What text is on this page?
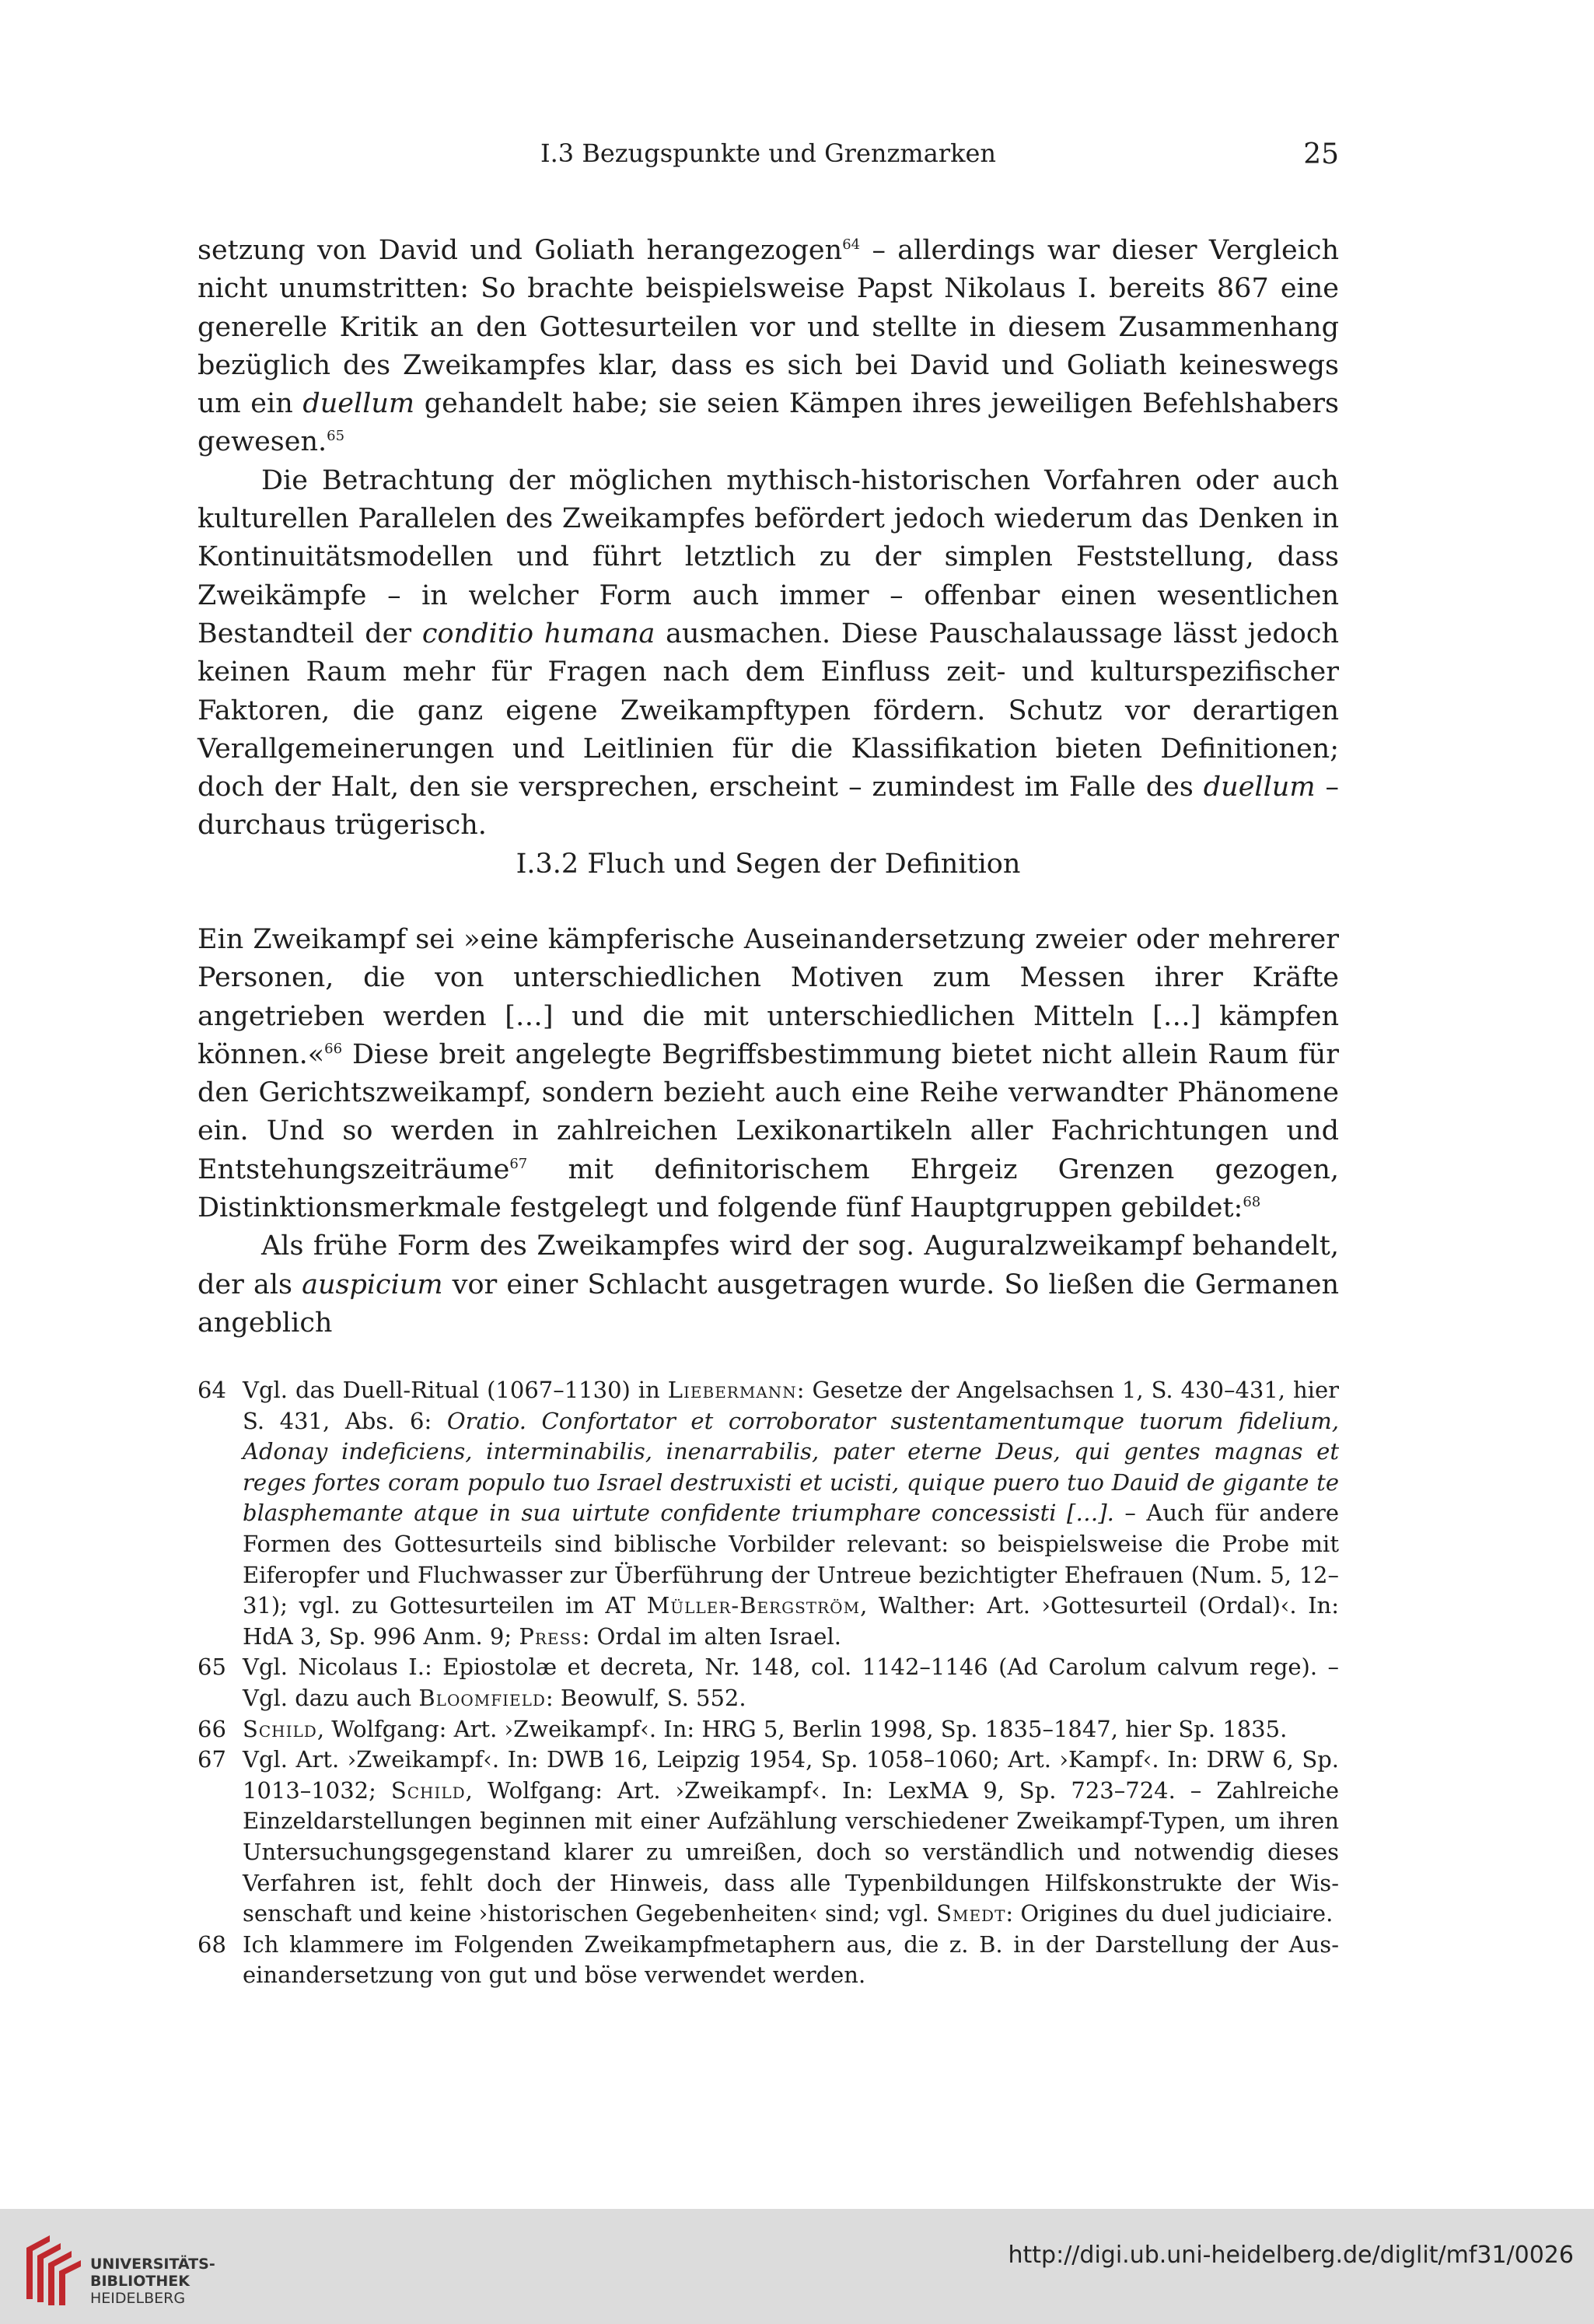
I.3 Bezugspunkte und Grenzmarken	25

setzung von David und Goliath herangezogen$^{64}$ – allerdings war dieser Vergleich nicht unumstritten: So brachte beispielsweise Papst Nikolaus I. bereits 867 eine generelle Kritik an den Gottesurteilen vor und stellte in diesem Zusammenhang bezüglich des Zweikampfes klar, dass es sich bei David und Goliath keineswegs um ein duellum gehandelt habe; sie seien Kämpen ihres jeweiligen Befehlshabers gewesen.$^{65}$

Die Betrachtung der möglichen mythisch-historischen Vorfahren oder auch kulturellen Parallelen des Zweikampfes befördert jedoch wiederum das Denken in Kontinuitätsmodellen und führt letztlich zu der simplen Feststellung, dass Zweikämpfe – in welcher Form auch immer – offenbar einen wesentlichen Bestandteil der conditio humana ausmachen. Diese Pauschalaussage lässt jedoch keinen Raum mehr für Fragen nach dem Einfluss zeit- und kulturspezifischer Faktoren, die ganz eigene Zweikampftypen fördern. Schutz vor derartigen Verallgemeinerungen und Leitlinien für die Klassifikation bieten Definitionen; doch der Halt, den sie versprechen, erscheint – zumindest im Falle des duellum – durchaus trügerisch.

I.3.2 Fluch und Segen der Definition

Ein Zweikampf sei »eine kämpferische Auseinandersetzung zweier oder mehrerer Personen, die von unterschiedlichen Motiven zum Messen ihrer Kräfte angetrieben werden […] und die mit unterschiedlichen Mitteln […] kämpfen können.«$^{66}$ Diese breit angelegte Begriffsbestimmung bietet nicht allein Raum für den Gerichtszweikampf, sondern bezieht auch eine Reihe verwandter Phänomene ein. Und so werden in zahlreichen Lexikonartikeln aller Fachrichtungen und Entstehungszeiträume$^{67}$ mit definitorischem Ehrgeiz Grenzen gezogen, Distinktionsmerkmale festgelegt und folgende fünf Hauptgruppen gebildet:$^{68}$

Als frühe Form des Zweikampfes wird der sog. Auguralzweikampf behandelt, der als auspicium vor einer Schlacht ausgetragen wurde. So ließen die Germanen angeblich

64 Vgl. das Duell-Ritual (1067–1130) in Liebermann: Gesetze der Angelsachsen 1, S. 430–431, hier S. 431, Abs. 6: Oratio. Confortator et corroborator sustentamentumque tuorum fidelium, Adonay indeficiens, interminabilis, inenarrabilis, pater eterne Deus, qui gentes magnas et reges fortes coram populo tuo Israel destruxisti et ucisti, quique puero tuo Dauid de gigante te blasphemante atque in sua uirtute confidente triumphare concessisti […]. – Auch für andere Formen des Gottesurteils sind biblische Vorbilder relevant: so beispielsweise die Probe mit Eiferopfer und Fluchwasser zur Überführung der Untreue bezichtigter Ehefrauen (Num. 5, 12–31); vgl. zu Gottesurteilen im AT Müller-Bergström, Walther: Art. ›Gottesurteil (Ordal)‹. In: HdA 3, Sp. 996 Anm. 9; Press: Ordal im alten Israel.
65 Vgl. Nicolaus I.: Epiostolæ et decreta, Nr. 148, col. 1142–1146 (Ad Carolum calvum rege). – Vgl. dazu auch Bloomfield: Beowulf, S. 552.
66 Schild, Wolfgang: Art. ›Zweikampf‹. In: HRG 5, Berlin 1998, Sp. 1835–1847, hier Sp. 1835.
67 Vgl. Art. ›Zweikampf‹. In: DWB 16, Leipzig 1954, Sp. 1058–1060; Art. ›Kampf‹. In: DRW 6, Sp. 1013–1032; Schild, Wolfgang: Art. ›Zweikampf‹. In: LexMA 9, Sp. 723–724. – Zahlreiche Einzeldarstellungen beginnen mit einer Aufzählung verschiedener Zweikampf-Typen, um ihren Untersuchungsgegenstand klarer zu umreißen, doch so verständlich und notwendig dieses Verfahren ist, fehlt doch der Hinweis, dass alle Typenbildungen Hilfskonstrukte der Wissenschaft und keine ›historischen Gegebenheiten‹ sind; vgl. Smedt: Origines du duel judiciaire.
68 Ich klammere im Folgenden Zweikampfmetaphern aus, die z. B. in der Darstellung der Auseinandersetzung von gut und böse verwendet werden.
UNIVERSITÄTS-
BIBLIOTHEK
HEIDELBERG
http://digi.ub.uni-heidelberg.de/diglit/mf31/0026
